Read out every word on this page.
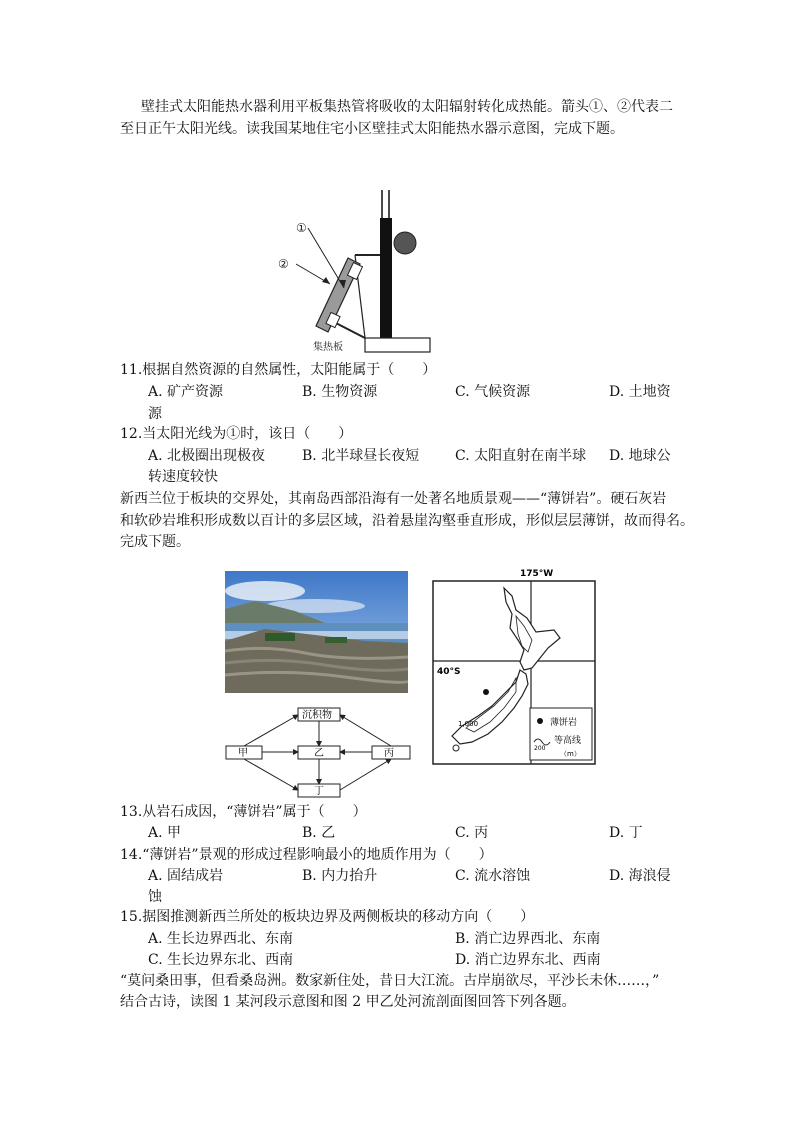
壁挂式太阳能热水器利用平板集热管将吸收的太阳辐射转化成热能。箭头①、②代表二
至日正午太阳光线。读我国某地住宅小区壁挂式太阳能热水器示意图，完成下题。
①
②
集热板
11.根据自然资源的自然属性，太阳能属于（　　）
A. 矿产资源	B. 生物资源	C. 气候资源	D. 土地资
源
12.当太阳光线为①时，该日（　　）
A. 北极圈出现极夜	B. 北半球昼长夜短	C. 太阳直射在南半球 D. 地球公
转速度较快
新西兰位于板块的交界处，其南岛西部沿海有一处著名地质景观——“薄饼岩”。硬石灰岩
和软砂岩堆积形成数以百计的多层区域，沿着悬崖沟壑垂直形成，形似层层薄饼，故而得名。
完成下题。
沉积物
甲	乙	丙
丁
175°W
40°S
1,000	薄饼岩
200
等高线
（m）
13.从岩石成因，“薄饼岩”属于（　　）
A. 甲	B. 乙	C. 丙	D. 丁
14.“薄饼岩”景观的形成过程影响最小的地质作用为（　　）
A. 固结成岩	B. 内力抬升	C. 流水溶蚀	D. 海浪侵
蚀
15.据图推测新西兰所处的板块边界及两侧板块的移动方向（　　）
A. 生长边界西北、东南	B. 消亡边界西北、东南
C. 生长边界东北、西南	D. 消亡边界东北、西南
“莫问桑田事，但看桑岛洲。数家新住处，昔日大江流。古岸崩欲尽，平沙长未休……，”
结合古诗，读图 1 某河段示意图和图 2 甲乙处河流剖面图回答下列各题。
